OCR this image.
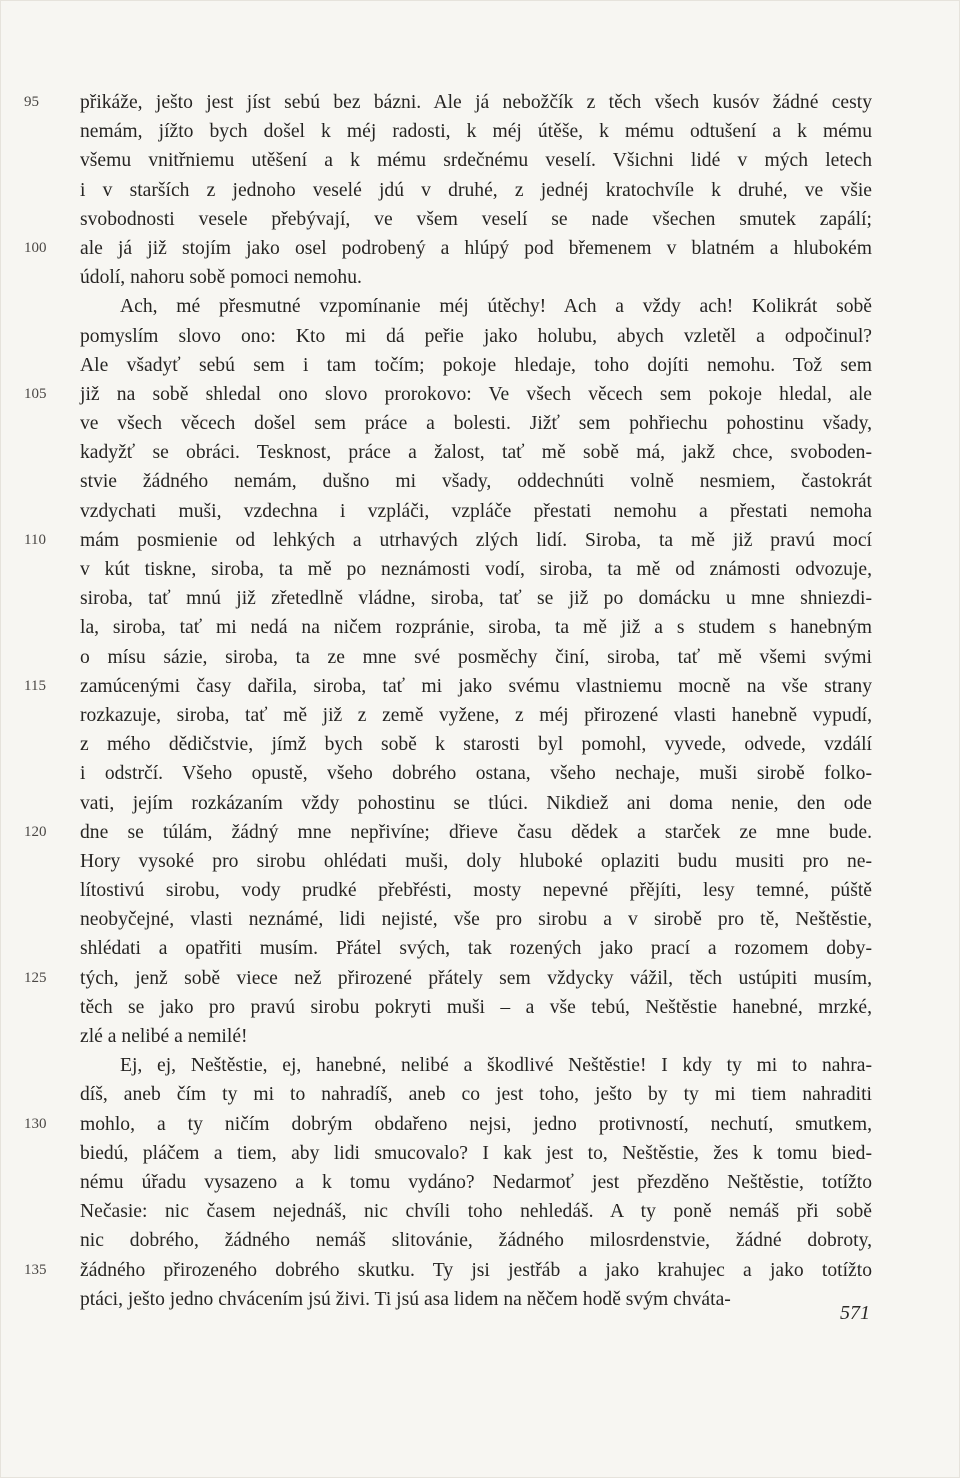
95	přikáže, ješto jest jíst sebú bez bázni. Ale já nebožčík z těch všech kusóv žádné cesty
nemám, jížto bych došel k méj radosti, k méj útěše, k mému odtušení a k mému
všemu vnitřniemu utěšení a k mému srdečnému veselí. Všichni lidé v mých letech
i v starších z jednoho veselé jdú v druhé, z jednéj kratochvíle k druhé, ve všie
svobodnosti vesele přebývají, ve všem veselí se nade všechen smutek zapálí;
100	ale já již stojím jako osel podrobený a hlúpý pod břemenem v blatném a hlubokém
údolí, nahoru sobě pomoci nemohu.
Ach, mé přesmutné vzpomínanie méj útěchy! Ach a vždy ach! Kolikrát sobě
pomyslím slovo ono: Kto mi dá peřie jako holubu, abych vzletěl a odpočinul?
Ale všadyť sebú sem i tam točím; pokoje hledaje, toho dojíti nemohu. Tož sem
105	již na sobě shledal ono slovo prorokovo: Ve všech věcech sem pokoje hledal, ale
ve všech věcech došel sem práce a bolesti. Jižť sem pohřiechu pohostinu všady,
kadyžť se obráci. Tesknost, práce a žalost, tať mě sobě má, jakž chce, svoboden-
stvie žádného nemám, dušno mi všady, oddechnúti volně nesmiem, častokrát
vzdychati muši, vzdechna i vzpláči, vzpláče přestati nemohu a přestati nemoha
110	mám posmienie od lehkých a utrhavých zlých lidí. Siroba, ta mě již pravú mocí
v kút tiskne, siroba, ta mě po neznámosti vodí, siroba, ta mě od známosti odvozuje,
siroba, tať mnú již zřetedlně vládne, siroba, tať se již po domácku u mne shniezdi-
la, siroba, tať mi nedá na ničem rozpránie, siroba, ta mě již a s studem s hanebným
o mísu sázie, siroba, ta ze mne své posměchy činí, siroba, tať mě všemi svými
115	zamúcenými časy dařila, siroba, tať mi jako svému vlastniemu mocně na vše strany
rozkazuje, siroba, tať mě již z země vyžene, z méj přirozené vlasti hanebně vypudí,
z mého dědičstvie, jímž bych sobě k starosti byl pomohl, vyvede, odvede, vzdálí
i odstrčí. Všeho opustě, všeho dobrého ostana, všeho nechaje, muši sirobě folko-
vati, jejím rozkázaním vždy pohostinu se tlúci. Nikdiež ani doma nenie, den ode
120	dne se túlám, žádný mne nepřivíne; dřieve času dědek a starček ze mne bude.
Hory vysoké pro sirobu ohlédati muši, doly hluboké oplaziti budu musiti pro ne-
lítostivú sirobu, vody prudké přebřésti, mosty nepevné přějíti, lesy temné, púště
neobyčejné, vlasti neznámé, lidi nejisté, vše pro sirobu a v sirobě pro tě, Neštěstie,
shlédati a opatřiti musím. Přátel svých, tak rozených jako prací a rozomem doby-
125	tých, jenž sobě viece než přirozené přátely sem vždycky vážil, těch ustúpiti musím,
těch se jako pro pravú sirobu pokryti muši – a vše tebú, Neštěstie hanebné, mrzké,
zlé a nelibé a nemilé!
Ej, ej, Neštěstie, ej, hanebné, nelibé a škodlivé Neštěstie! I kdy ty mi to nahra-
díš, aneb čím ty mi to nahradíš, aneb co jest toho, ješto by ty mi tiem nahraditi
130	mohlo, a ty ničím dobrým obdařeno nejsi, jedno protivností, nechutí, smutkem,
biedú, pláčem a tiem, aby lidi smucovalo? I kak jest to, Neštěstie, žes k tomu bied-
nému úřadu vysazeno a k tomu vydáno? Nedarmoť jest přezděno Neštěstie, totížto
Nečasie: nic časem nejednáš, nic chvíli toho nehledáš. A ty poně nemáš při sobě
nic dobrého, žádného nemáš slitovánie, žádného milosrdenstvie, žádné dobroty,
135	žádného přirozeného dobrého skutku. Ty jsi jestřáb a jako krahujec a jako totížto
ptáci, ješto jedno chvácením jsú živi. Ti jsú asa lidem na něčem hodě svým chváta-
571
